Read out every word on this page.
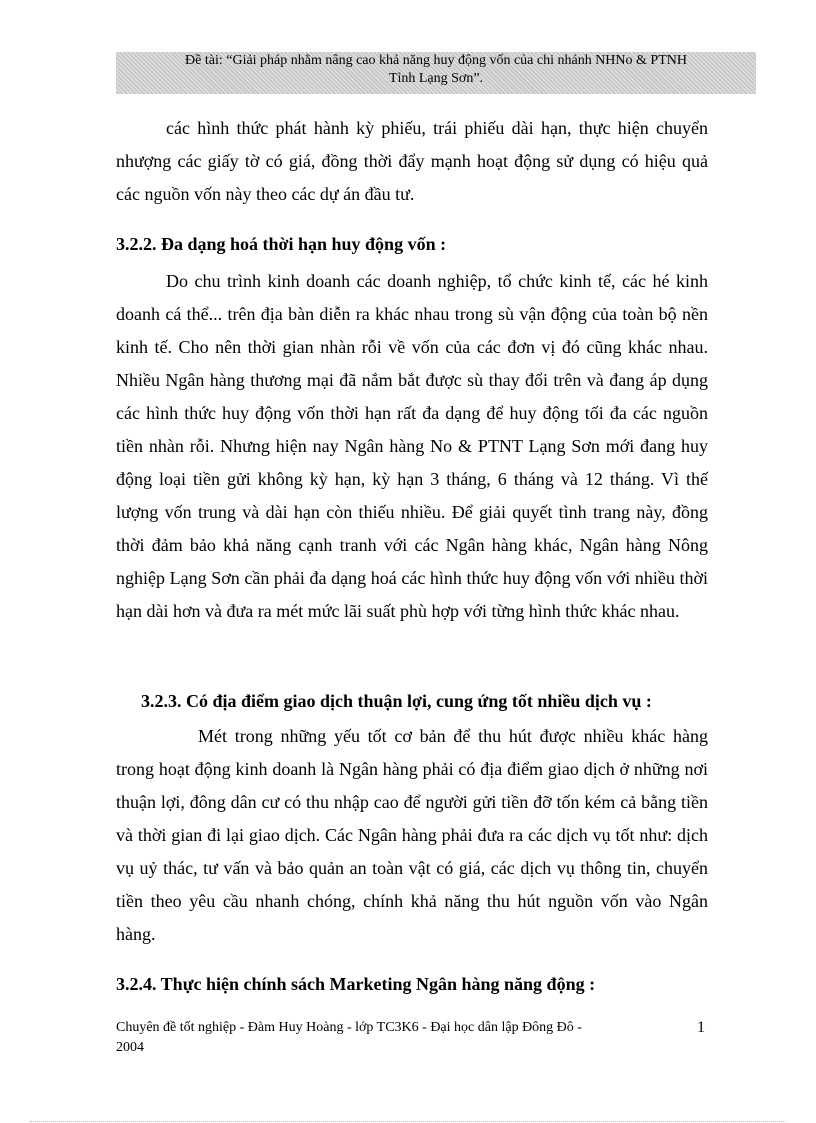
Đề tài: “Giải pháp nhằm nâng cao khả năng huy động vốn của chi nhánh NHNo & PTNH
Tỉnh Lạng Sơn”.

các hình thức phát hành kỳ phiếu, trái phiếu dài hạn, thực hiện chuyển nhượng các giấy tờ có giá, đồng thời đẩy mạnh hoạt động sử dụng có hiệu quả các nguồn vốn này theo các dự án đầu tư.

3.2.2. Đa dạng hoá thời hạn huy động vốn :

Do chu trình kinh doanh các doanh nghiệp, tổ chức kinh tế, các hé kinh doanh cá thể... trên địa bàn diễn ra khác nhau trong sù vận động của toàn bộ nền kinh tế. Cho nên thời gian nhàn rỗi về vốn của các đơn vị đó cũng khác nhau. Nhiều Ngân hàng thương mại đã nắm bắt được sù thay đổi trên và đang áp dụng các hình thức huy động vốn thời hạn rất đa dạng để huy động tối đa các nguồn tiền nhàn rỗi. Nhưng hiện nay Ngân hàng No & PTNT Lạng Sơn mới đang huy động loại tiền gửi không kỳ hạn, kỳ hạn 3 tháng, 6 tháng và 12 tháng. Vì thế lượng vốn trung và dài hạn còn thiếu nhiều. Để giải quyết tình trang này, đồng thời đảm bảo khả năng cạnh tranh với các Ngân hàng khác, Ngân hàng Nông nghiệp Lạng Sơn cần phải đa dạng hoá các hình thức huy động vốn với nhiều thời hạn dài hơn và đưa ra mét mức lãi suất phù hợp với từng hình thức khác nhau.

3.2.3. Có địa điểm giao dịch thuận lợi, cung ứng tốt nhiều dịch vụ :

Mét trong những yếu tốt cơ bản để thu hút được nhiều khác hàng trong hoạt động kinh doanh là Ngân hàng phải có địa điểm giao dịch ở những nơi thuận lợi, đông dân cư có thu nhập cao để người gửi tiền đỡ tốn kém cả bằng tiền và thời gian đi lại giao dịch. Các Ngân hàng phải đưa ra các dịch vụ tốt như: dịch vụ uỷ thác, tư vấn và bảo quản an toàn vật có giá, các dịch vụ thông tin, chuyển tiền theo yêu cầu nhanh chóng, chính khả năng thu hút nguồn vốn vào Ngân hàng.

3.2.4. Thực hiện chính sách Marketing Ngân hàng năng động :
Chuyên đề tốt nghiệp - Đàm Huy Hoàng - lớp TC3K6 - Đại học dân lập Đông Đô -
2004
1
